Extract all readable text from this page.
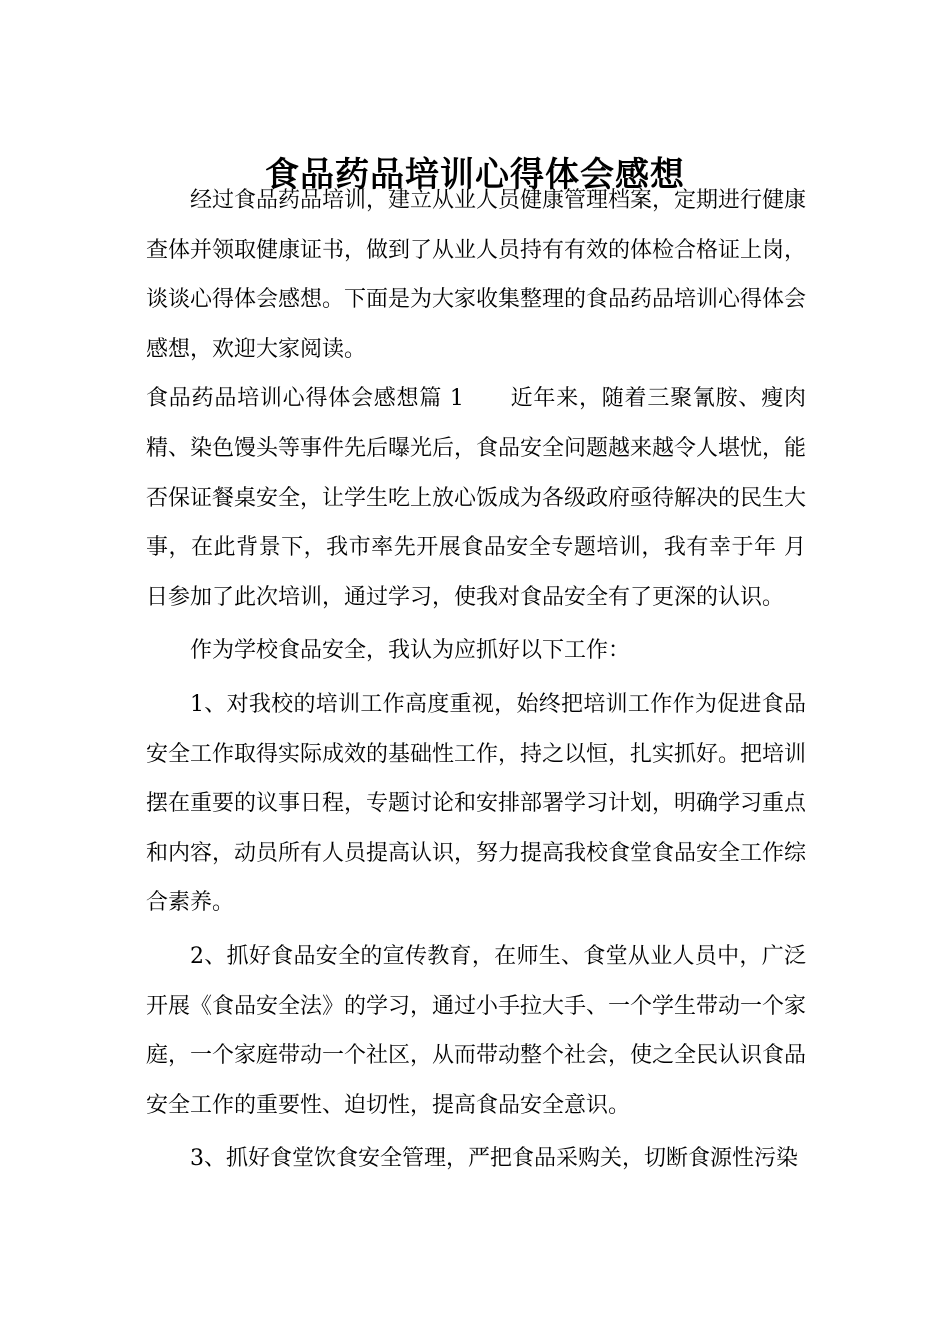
食品药品培训心得体会感想

经过食品药品培训，建立从业人员健康管理档案，定期进行健康查体并领取健康证书，做到了从业人员持有有效的体检合格证上岗，谈谈心得体会感想。下面是为大家收集整理的食品药品培训心得体会感想，欢迎大家阅读。

食品药品培训心得体会感想篇 1 近年来，随着三聚氰胺、瘦肉精、染色馒头等事件先后曝光后，食品安全问题越来越令人堪忧，能否保证餐桌安全，让学生吃上放心饭成为各级政府亟待解决的民生大事，在此背景下，我市率先开展食品安全专题培训，我有幸于年 月 日参加了此次培训，通过学习，使我对食品安全有了更深的认识。

作为学校食品安全，我认为应抓好以下工作：

1、对我校的培训工作高度重视，始终把培训工作作为促进食品安全工作取得实际成效的基础性工作，持之以恒，扎实抓好。把培训摆在重要的议事日程，专题讨论和安排部署学习计划，明确学习重点和内容，动员所有人员提高认识，努力提高我校食堂食品安全工作综合素养。

2、抓好食品安全的宣传教育，在师生、食堂从业人员中，广泛开展《食品安全法》的学习，通过小手拉大手、一个学生带动一个家庭，一个家庭带动一个社区，从而带动整个社会，使之全民认识食品安全工作的重要性、迫切性，提高食品安全意识。

3、抓好食堂饮食安全管理，严把食品采购关，切断食源性污染
